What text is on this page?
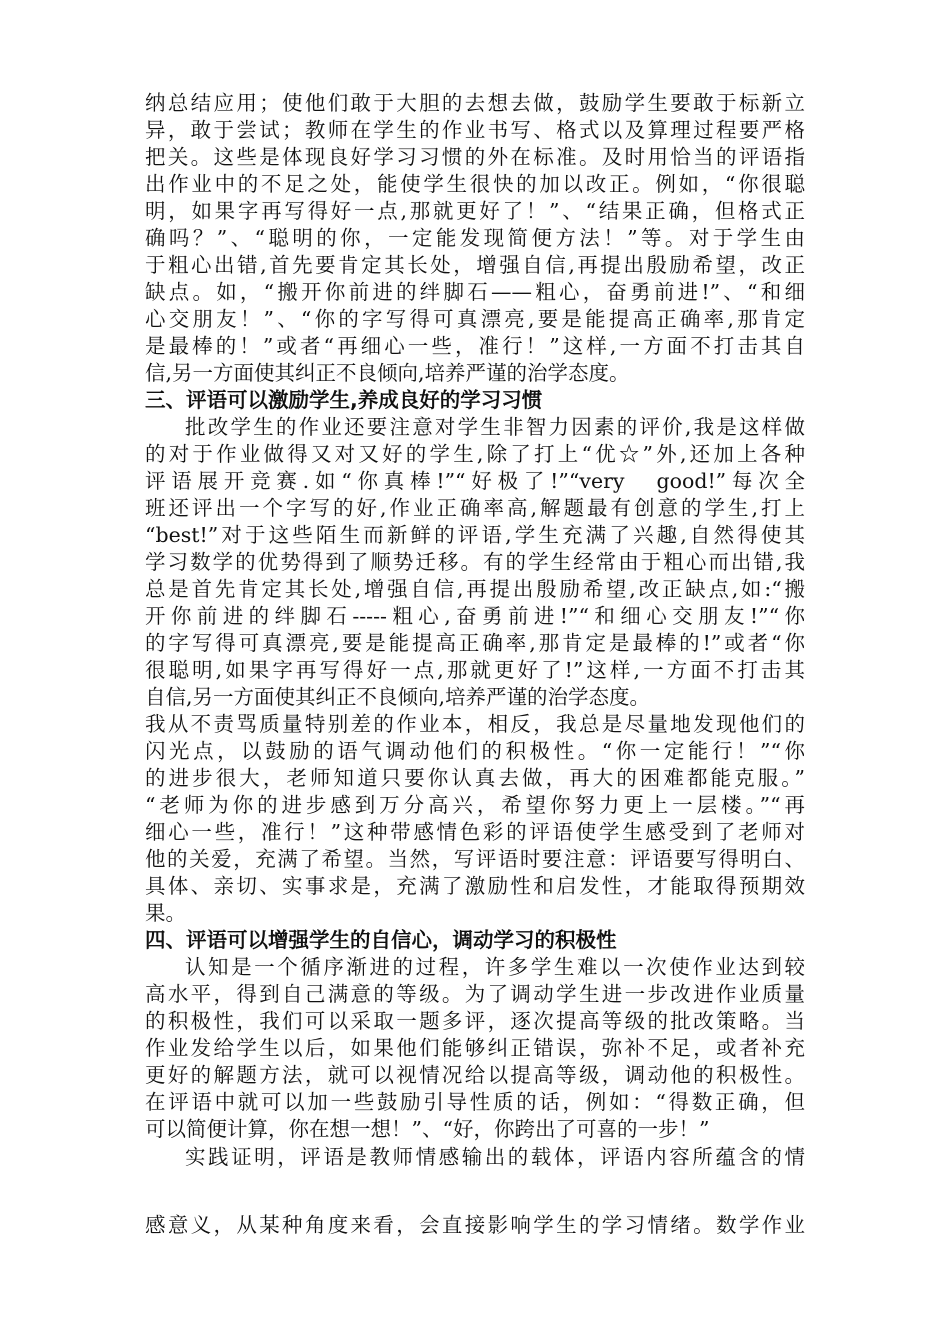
纳总结应用；使他们敢于大胆的去想去做，鼓励学生要敢于标新立
异，敢于尝试；教师在学生的作业书写、格式以及算理过程要严格
把关。这些是体现良好学习习惯的外在标准。及时用恰当的评语指
出作业中的不足之处，能使学生很快的加以改正。例如，“你很聪
明，如果字再写得好一点,那就更好了！”、“结果正确，但格式正
确吗？”、“聪明的你，一定能发现简便方法！”等。对于学生由
于粗心出错,首先要肯定其长处，增强自信,再提出殷励希望，改正
缺点。如，“搬开你前进的绊脚石——粗心，奋勇前进!”、“和细
心交朋友！”、“你的字写得可真漂亮,要是能提高正确率,那肯定
是最棒的！”或者“再细心一些，准行！”这样,一方面不打击其自
信,另一方面使其纠正不良倾向,培养严谨的治学态度。
三、评语可以激励学生,养成良好的学习习惯
批改学生的作业还要注意对学生非智力因素的评价,我是这样做
的对于作业做得又对又好的学生,除了打上“优☆”外,还加上各种
评语展开竞赛.如“你真棒!”“好极了!”“very　good!”每次全
班还评出一个字写的好,作业正确率高,解题最有创意的学生,打上
“best!”对于这些陌生而新鲜的评语,学生充满了兴趣,自然得使其
学习数学的优势得到了顺势迁移。有的学生经常由于粗心而出错,我
总是首先肯定其长处,增强自信,再提出殷励希望,改正缺点,如:“搬
开你前进的绊脚石-----粗心,奋勇前进!”“和细心交朋友!”“你
的字写得可真漂亮,要是能提高正确率,那肯定是最棒的!”或者“你
很聪明,如果字再写得好一点,那就更好了!”这样,一方面不打击其
自信,另一方面使其纠正不良倾向,培养严谨的治学态度。
我从不责骂质量特别差的作业本，相反，我总是尽量地发现他们的
闪光点，以鼓励的语气调动他们的积极性。“你一定能行！”“你
的进步很大，老师知道只要你认真去做，再大的困难都能克服。”
“老师为你的进步感到万分高兴，希望你努力更上一层楼。”“再
细心一些，准行！”这种带感情色彩的评语使学生感受到了老师对
他的关爱，充满了希望。当然，写评语时要注意：评语要写得明白、
具体、亲切、实事求是，充满了激励性和启发性，才能取得预期效
果。
四、评语可以增强学生的自信心，调动学习的积极性
认知是一个循序渐进的过程，许多学生难以一次使作业达到较
高水平，得到自己满意的等级。为了调动学生进一步改进作业质量
的积极性，我们可以采取一题多评，逐次提高等级的批改策略。当
作业发给学生以后，如果他们能够纠正错误，弥补不足，或者补充
更好的解题方法，就可以视情况给以提高等级，调动他的积极性。
在评语中就可以加一些鼓励引导性质的话，例如：“得数正确，但
可以简便计算，你在想一想！”、“好，你跨出了可喜的一步！”
实践证明，评语是教师情感输出的载体，评语内容所蕴含的情
感意义，从某种角度来看，会直接影响学生的学习情绪。数学作业
